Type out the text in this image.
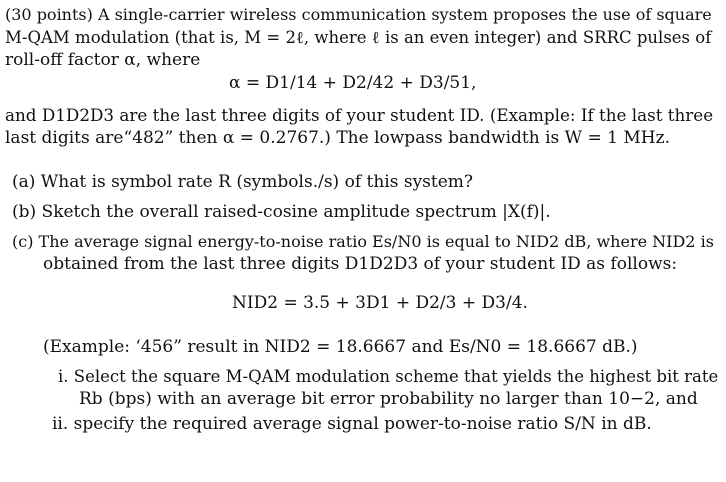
(30 points) A single-carrier wireless communication system proposes the use of square
M-QAM modulation (that is, M = 2ℓ, where ℓ is an even integer) and SRRC pulses of
roll-off factor α, where
α = D1/14 + D2/42 + D3/51,
and D1D2D3 are the last three digits of your student ID. (Example: If the last three
last digits are“482” then α = 0.2767.) The lowpass bandwidth is W = 1 MHz.
(a) What is symbol rate R (symbols./s) of this system?
(b) Sketch the overall raised-cosine amplitude spectrum |X(f)|.
(c) The average signal energy-to-noise ratio Es/N0 is equal to NID2 dB, where NID2 is
obtained from the last three digits D1D2D3 of your student ID as follows:
NID2 = 3.5 + 3D1 + D2/3 + D3/4.
(Example: ‘456” result in NID2 = 18.6667 and Es/N0 = 18.6667 dB.)
i. Select the square M-QAM modulation scheme that yields the highest bit rate
Rb (bps) with an average bit error probability no larger than 10−2, and
ii. specify the required average signal power-to-noise ratio S/N in dB.
